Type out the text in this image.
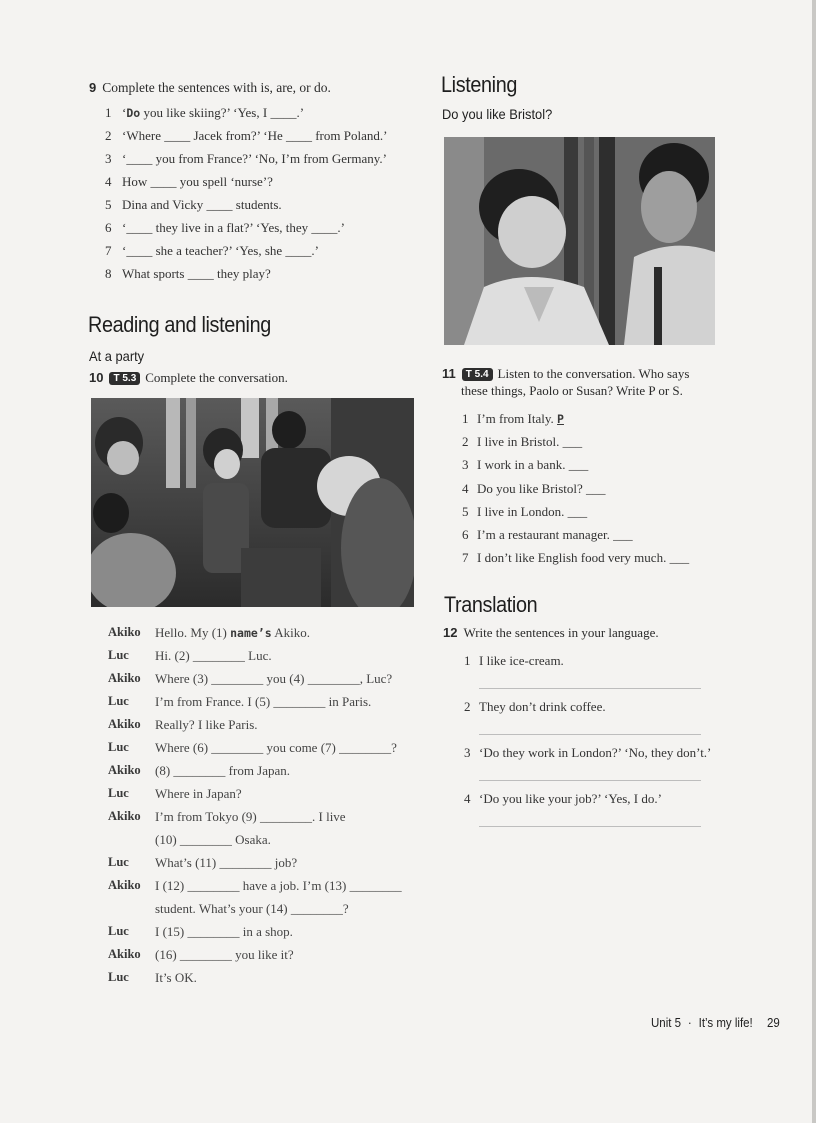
9 Complete the sentences with is, are, or do.
1 ‘Do you like skiing?’ ‘Yes, I ____.’
2 ‘Where ____ Jacek from?’ ‘He ____ from Poland.’
3 ‘____ you from France?’ ‘No, I’m from Germany.’
4 How ____ you spell ‘nurse’?
5 Dina and Vicky ____ students.
6 ‘____ they live in a flat?’ ‘Yes, they ____.’
7 ‘____ she a teacher?’ ‘Yes, she ____.’
8 What sports ____ they play?
Reading and listening
At a party
10 T 5.3 Complete the conversation.
Akiko Hello. My (1) name’s Akiko.
Luc Hi. (2) ________ Luc.
Akiko Where (3) ________ you (4) ________, Luc?
Luc I’m from France. I (5) ________ in Paris.
Akiko Really? I like Paris.
Luc Where (6) ________ you come (7) ________?
Akiko (8) ________ from Japan.
Luc Where in Japan?
Akiko I’m from Tokyo (9) ________. I live
(10) ________ Osaka.
Luc What’s (11) ________ job?
Akiko I (12) ________ have a job. I’m (13) ________
student. What’s your (14) ________?
Luc I (15) ________ in a shop.
Akiko (16) ________ you like it?
Luc It’s OK.
Listening
Do you like Bristol?
11 T 5.4 Listen to the conversation. Who says
these things, Paolo or Susan? Write P or S.
1 I’m from Italy. P
2 I live in Bristol. ___
3 I work in a bank. ___
4 Do you like Bristol? ___
5 I live in London. ___
6 I’m a restaurant manager. ___
7 I don’t like English food very much. ___
Translation
12 Write the sentences in your language.
1 I like ice-cream.
2 They don’t drink coffee.
3 ‘Do they work in London?’ ‘No, they don’t.’
4 ‘Do you like your job?’ ‘Yes, I do.’
Unit 5 · It’s my life! 29
